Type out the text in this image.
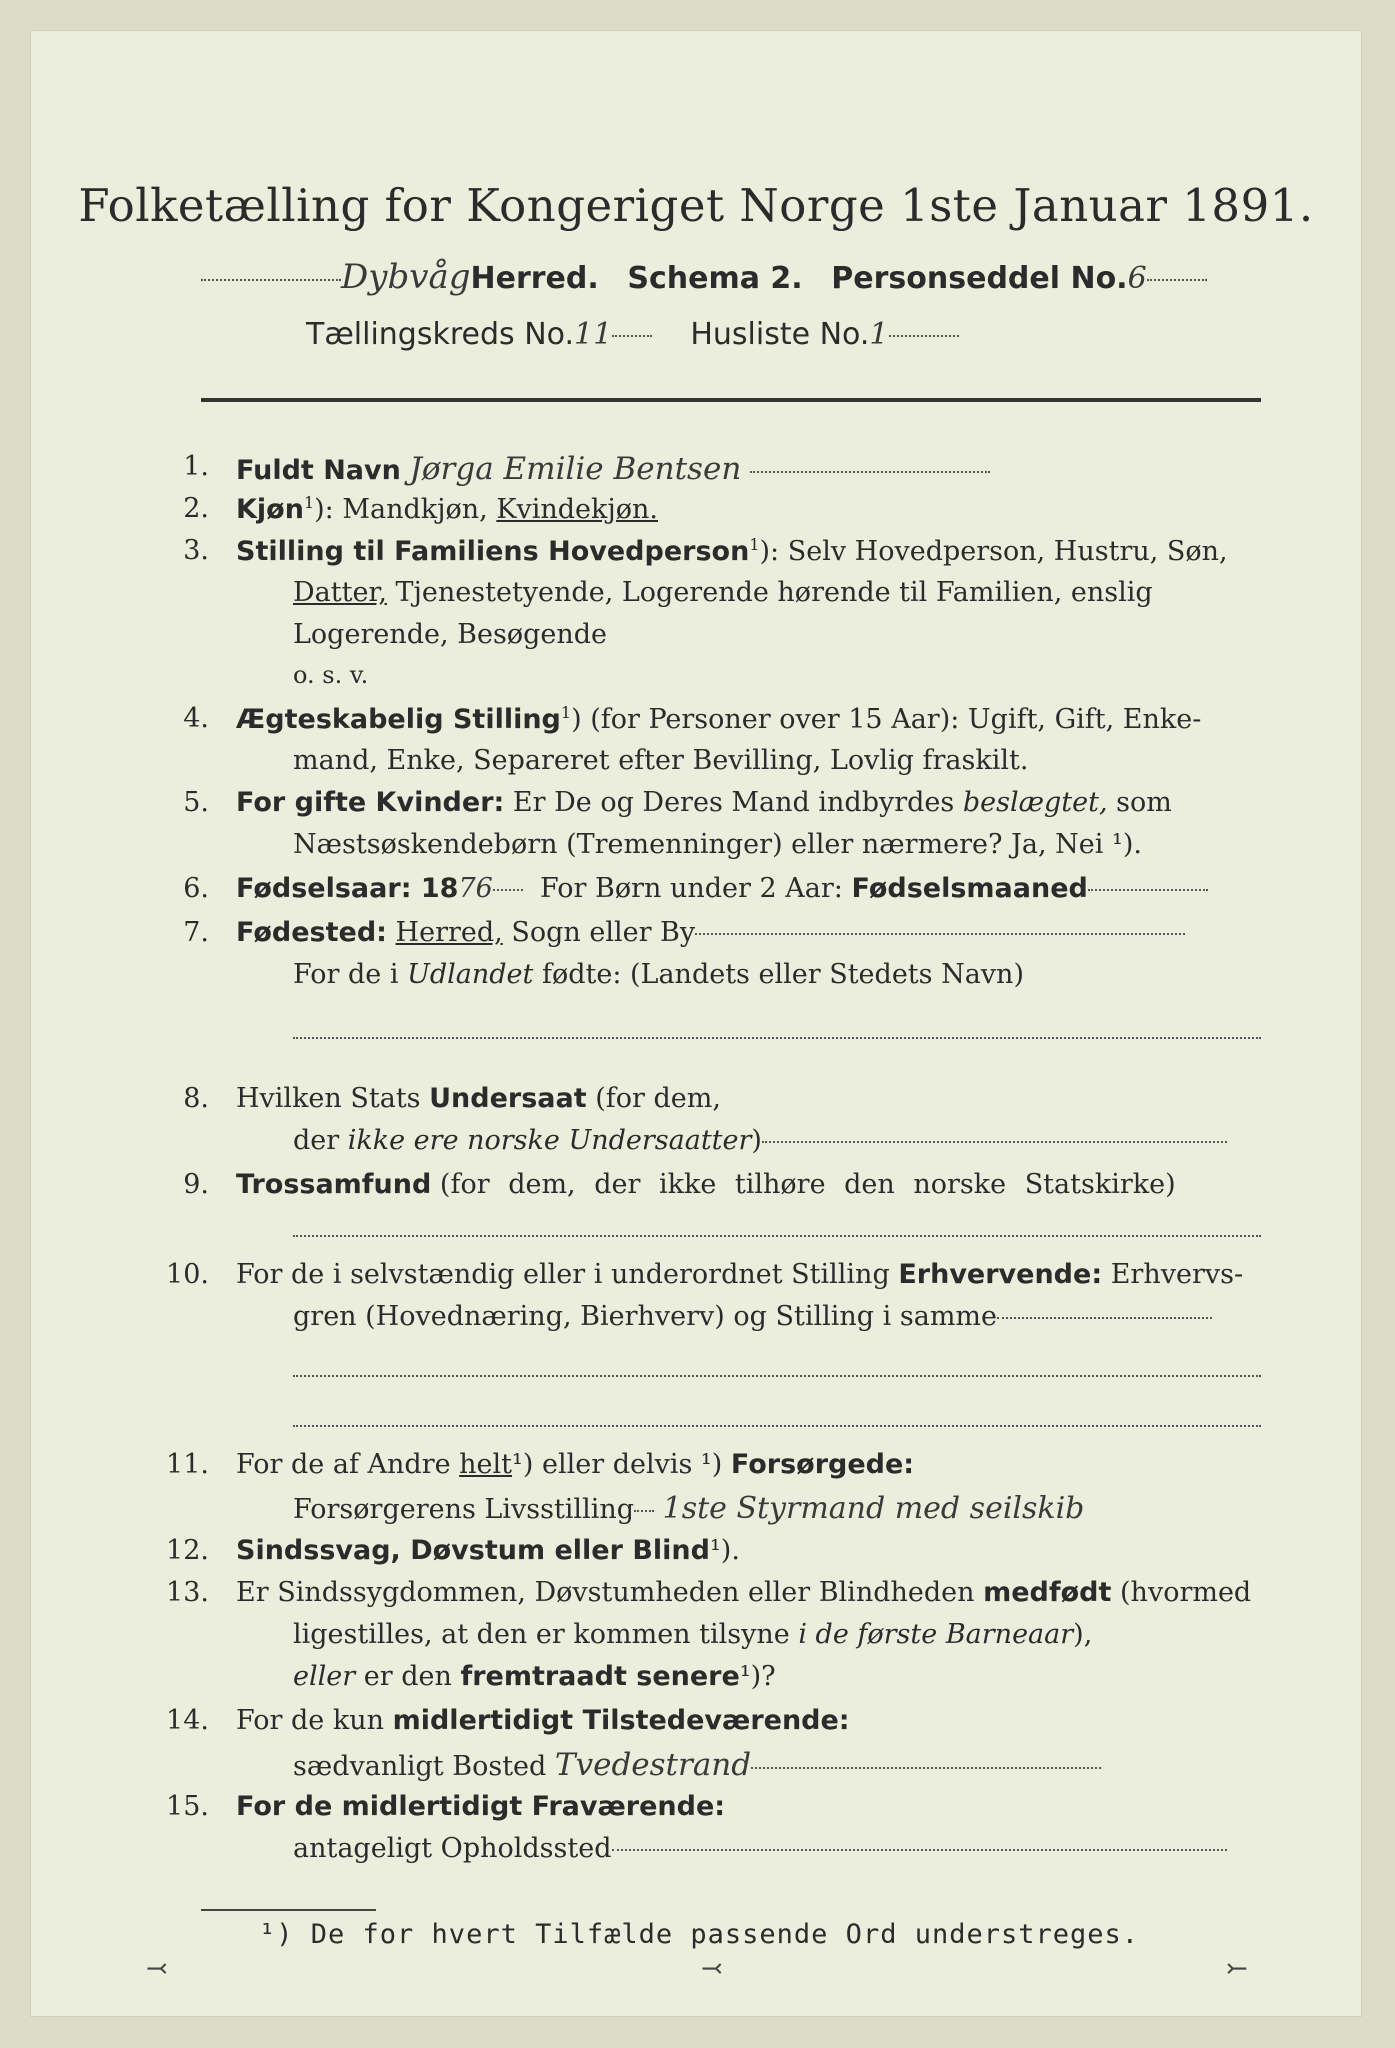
Folketælling for Kongeriget Norge 1ste Januar 1891.
DybvågHerred. Schema 2. Personseddel No.6
Tællingskreds No.11	Husliste No.1
1. Fuldt Navn Jørga Emilie Bentsen
2. Kjøn$^1$): Mandkjøn, Kvindekjøn.
3. Stilling til Familiens Hovedperson$^1$): Selv Hovedperson, Hustru, Søn,
Datter, Tjenestetyende, Logerende hørende til Familien, enslig
Logerende, Besøgende
o. s. v.
4. Ægteskabelig Stilling$^1$) (for Personer over 15 Aar): Ugift, Gift, Enke-
mand, Enke, Separeret efter Bevilling, Lovlig fraskilt.
5. For gifte Kvinder: Er De og Deres Mand indbyrdes beslægtet, som
Næstsøskendebørn (Tremenninger) eller nærmere? Ja, Nei ¹).
6. Fødselsaar: 1876 For Børn under 2 Aar: Fødselsmaaned
7. Fødested: Herred, Sogn eller By
For de i Udlandet fødte: (Landets eller Stedets Navn)
8. Hvilken Stats Undersaat (for dem,
der ikke ere norske Undersaatter)
9. Trossamfund (for dem, der ikke tilhøre den norske Statskirke)
10. For de i selvstændig eller i underordnet Stilling Erhvervende: Erhvervs-
gren (Hovednæring, Bierhverv) og Stilling i samme
11. For de af Andre helt¹) eller delvis ¹) Forsørgede:
Forsørgerens Livsstilling 1ste Styrmand med seilskib
12. Sindssvag, Døvstum eller Blind¹).
13. Er Sindssygdommen, Døvstumheden eller Blindheden medfødt (hvormed
ligestilles, at den er kommen tilsyne i de første Barneaar),
eller er den fremtraadt senere¹)?
14. For de kun midlertidigt Tilstedeværende:
sædvanligt Bosted Tvedestrand
15. For de midlertidigt Fraværende:
antageligt Opholdssted
¹) De for hvert Tilfælde passende Ord understreges.
⤙	⤙	⤚
